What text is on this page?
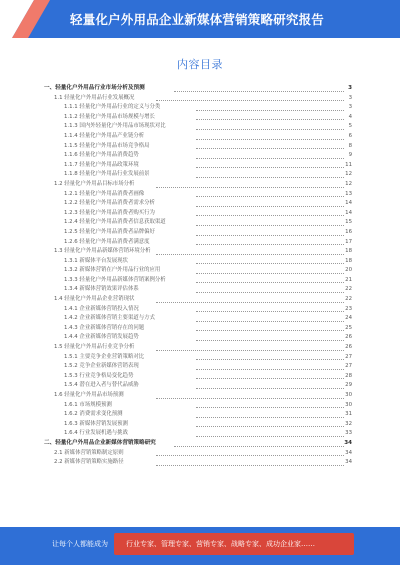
轻量化户外用品企业新媒体营销策略研究报告
内容目录
一、轻量化户外用品行业市场分析及预测	3
1.1 轻量化户外用品行业发展概况	3
1.1.1 轻量化户外用品行业的定义与分类	3
1.1.2 轻量化户外用品市场规模与增长	4
1.1.3 国内外轻量化户外用品市场现状对比	5
1.1.4 轻量化户外用品产业链分析	6
1.1.5 轻量化户外用品市场竞争格局	8
1.1.6 轻量化户外用品消费趋势	9
1.1.7 轻量化户外用品政策环境	11
1.1.8 轻量化户外用品行业发展前景	12
1.2 轻量化户外用品目标市场分析	12
1.2.1 轻量化户外用品消费者画像	13
1.2.2 轻量化户外用品消费者需求分析	14
1.2.3 轻量化户外用品消费者购买行为	14
1.2.4 轻量化户外用品消费者信息获取渠道	15
1.2.5 轻量化户外用品消费者品牌偏好	16
1.2.6 轻量化户外用品消费者满意度	17
1.3 轻量化户外用品新媒体营销环境分析	18
1.3.1 新媒体平台发展现状	18
1.3.2 新媒体营销在户外用品行业的应用	20
1.3.3 轻量化户外用品新媒体营销案例分析	21
1.3.4 新媒体营销效果评估体系	22
1.4 轻量化户外用品企业营销现状	22
1.4.1 企业新媒体营销投入情况	23
1.4.2 企业新媒体营销主要渠道与方式	24
1.4.3 企业新媒体营销存在的问题	25
1.4.4 企业新媒体营销发展趋势	26
1.5 轻量化户外用品行业竞争分析	26
1.5.1 主要竞争企业营销策略对比	27
1.5.2 竞争企业新媒体营销表现	27
1.5.3 行业竞争格局变化趋势	28
1.5.4 潜在进入者与替代品威胁	29
1.6 轻量化户外用品市场预测	30
1.6.1 市场规模预测	30
1.6.2 消费需求变化预测	31
1.6.3 新媒体营销发展预测	32
1.6.4 行业发展机遇与挑战	33
二、轻量化户外用品企业新媒体营销策略研究	34
2.1 新媒体营销策略制定原则	34
2.2 新媒体营销策略实施路径	34
让每个人都能成为	行业专家、管理专家、营销专家、战略专家、成功企业家……
